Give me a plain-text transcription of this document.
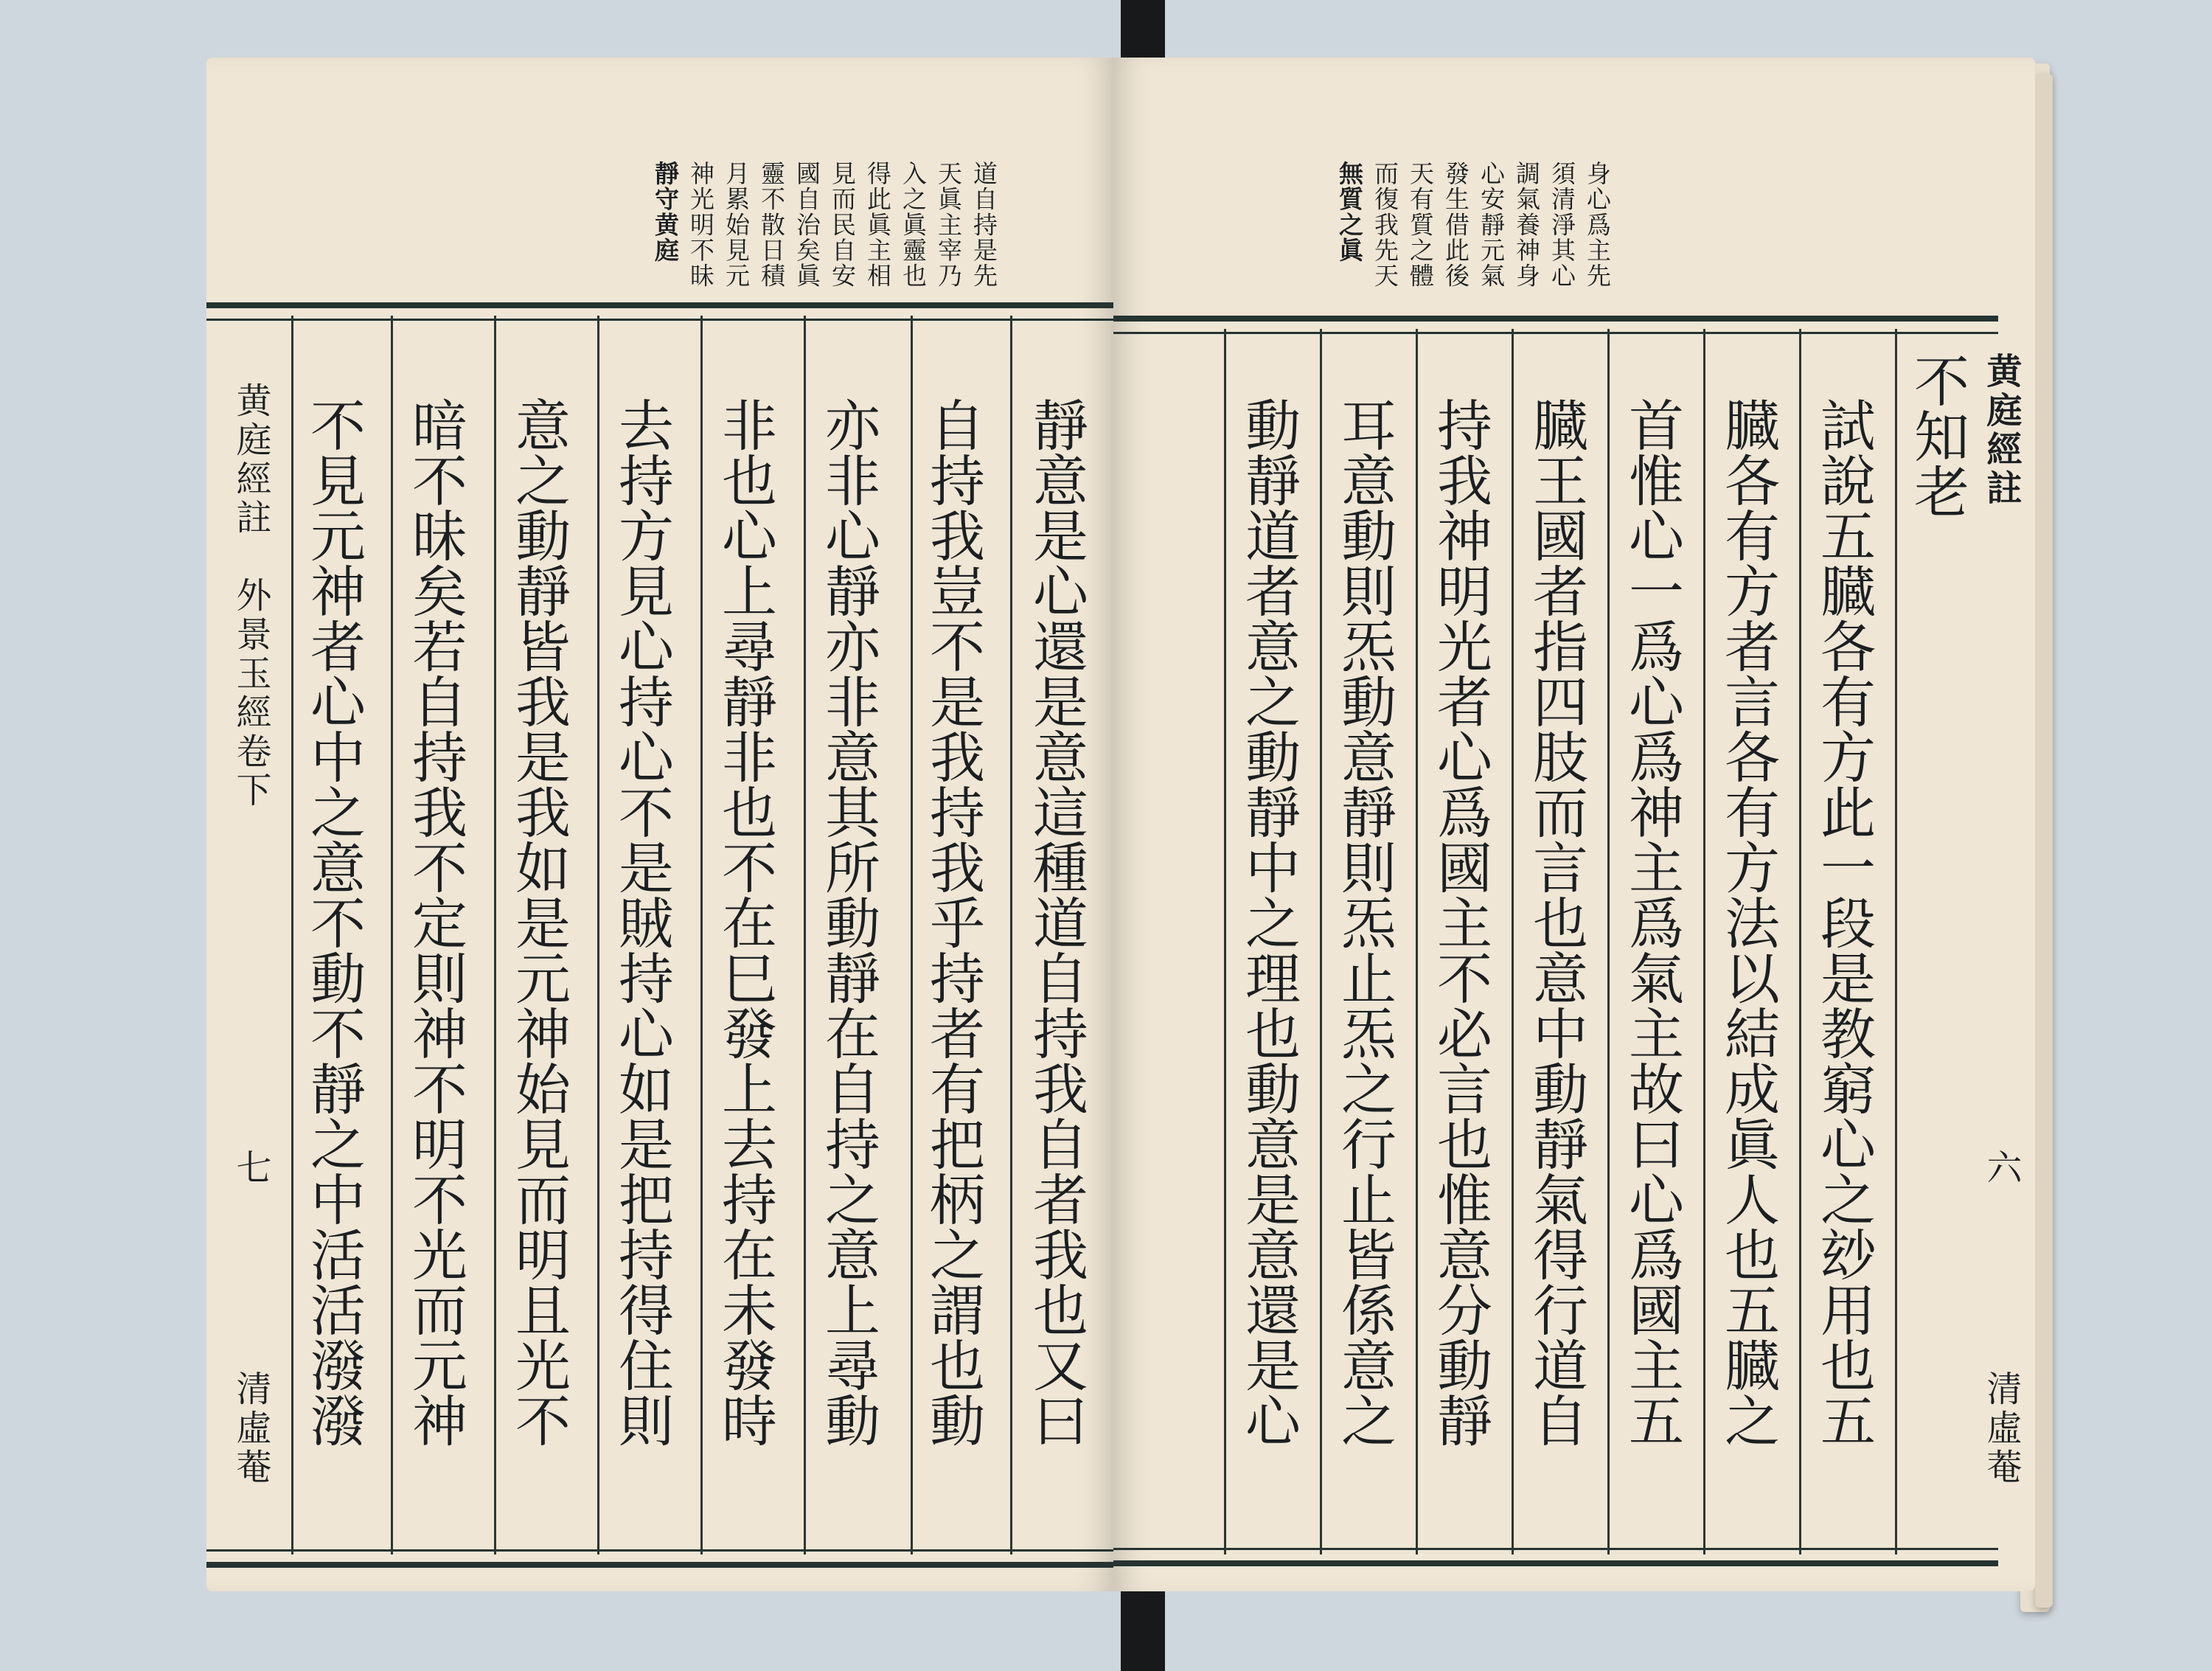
道自持是先
天眞主宰乃
入之眞靈也
得此眞主相
見而民自安
國自治矣眞
靈不散日積
月累始見元
神光明不昧
靜守黄庭
靜意是心還是意這種道自持我自者我也又曰
自持我豈不是我持我乎持者有把柄之謂也動
亦非心靜亦非意其所動靜在自持之意上尋動
非也心上尋靜非也不在巳發上去持在未發時
去持方見心持心不是賊持心如是把持得住則
意之動靜皆我是我如是元神始見而明且光不
暗不昧矣若自持我不定則神不明不光而元神
不見元神者心中之意不動不靜之中活活潑潑
黄庭經註　外景玉經卷下
七
清虛菴
身心爲主先
須清淨其心
調氣養神身
心安靜元氣
發生借此後
天有質之體
而復我先天
無質之眞
不知老
試說五臓各有方此一段是教窮心之玅用也五
臓各有方者言各有方法以結成眞人也五臓之
首惟心一爲心爲神主爲氣主故曰心爲國主五
臓王國者指四肢而言也意中動靜氣得行道自
持我神明光者心爲國主不必言也惟意分動靜
耳意動則炁動意靜則炁止炁之行止皆係意之
動靜道者意之動靜中之理也動意是意還是心	黄庭經註
六
清虛菴
